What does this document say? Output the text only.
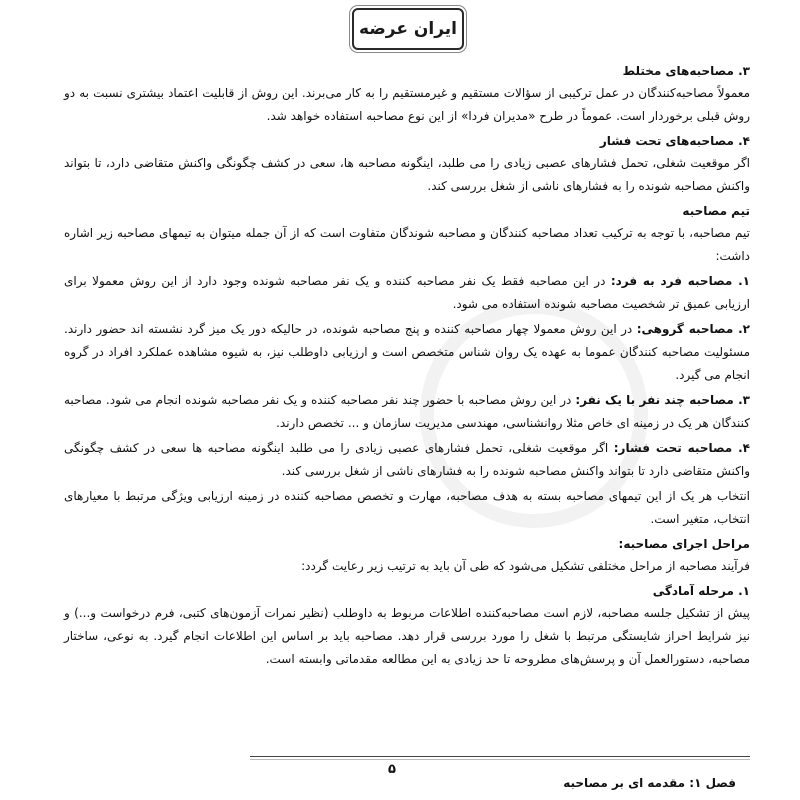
ایران عرضه

۳. مصاحبه‌های مختلط

معمولاً مصاحبه‌کنندگان در عمل ترکیبی از سؤالات مستقیم و غیرمستقیم را به کار می‌برند. این روش از قابلیت اعتماد بیشتری نسبت به دو روش قبلی برخوردار است. عموماً در طرح «مدیران فردا» از این نوع مصاحبه استفاده خواهد شد.

۴. مصاحبه‌های تحت فشار

اگر موقعیت شغلی، تحمل فشارهای عصبی زیادی را می طلبد، اینگونه مصاحبه ها، سعی در کشف چگونگی واکنش متقاضی دارد، تا بتواند واکنش مصاحبه شونده را به فشارهای ناشی از شغل بررسی کند.

تیم مصاحبه

تیم مصاحبه، با توجه به ترکیب تعداد مصاحبه کنندگان و مصاحبه شوندگان متفاوت است که از آن جمله میتوان به تیمهای مصاحبه زیر اشاره داشت:

۱. مصاحبه فرد به فرد: در این مصاحبه فقط یک نفر مصاحبه کننده و یک نفر مصاحبه شونده وجود دارد از این روش معمولا برای ارزیابی عمیق تر شخصیت مصاحبه شونده استفاده می شود.

۲. مصاحبه گروهی: در این روش معمولا چهار مصاحبه کننده و پنج مصاحبه شونده، در حالیکه دور یک میز گرد نشسته اند حضور دارند. مسئولیت مصاحبه کنندگان عموما به عهده یک روان شناس متخصص است و ارزیابی داوطلب نیز، به شیوه مشاهده عملکرد افراد در گروه انجام می گیرد.

۳. مصاحبه چند نفر با یک نفر: در این روش مصاحبه با حضور چند نفر مصاحبه کننده و یک نفر مصاحبه شونده انجام می شود. مصاحبه کنندگان هر یک در زمینه ای خاص مثلا روانشناسی، مهندسی مدیریت سازمان و ... تخصص دارند.

۴. مصاحبه تحت فشار: اگر موقعیت شغلی، تحمل فشارهای عصبی زیادی را می طلبد اینگونه مصاحبه ها سعی در کشف چگونگی واکنش متقاضی دارد تا بتواند واکنش مصاحبه شونده را به فشارهای ناشی از شغل بررسی کند.

انتخاب هر یک از این تیمهای مصاحبه بسته به هدف مصاحبه، مهارت و تخصص مصاحبه کننده در زمینه ارزیابی ویژگی مرتبط با معیارهای انتخاب، متغیر است.

مراحل اجرای مصاحبه:

فرآیند مصاحبه از مراحل مختلفی تشکیل می‌شود که طی آن باید به ترتیب زیر رعایت گردد:

۱. مرحله آمادگی

پیش از تشکیل جلسه مصاحبه، لازم است مصاحبه‌کننده اطلاعات مربوط به داوطلب (نظیر نمرات آزمون‌های کتبی، فرم درخواست و...) و نیز شرایط احراز شایستگی مرتبط با شغل را مورد بررسی قرار دهد. مصاحبه باید بر اساس این اطلاعات انجام گیرد. به نوعی، ساختار مصاحبه، دستورالعمل آن و پرسش‌های مطروحه تا حد زیادی به این مطالعه مقدماتی وابسته است.

۵
فصل ۱: مقدمه ای بر مصاحبه
